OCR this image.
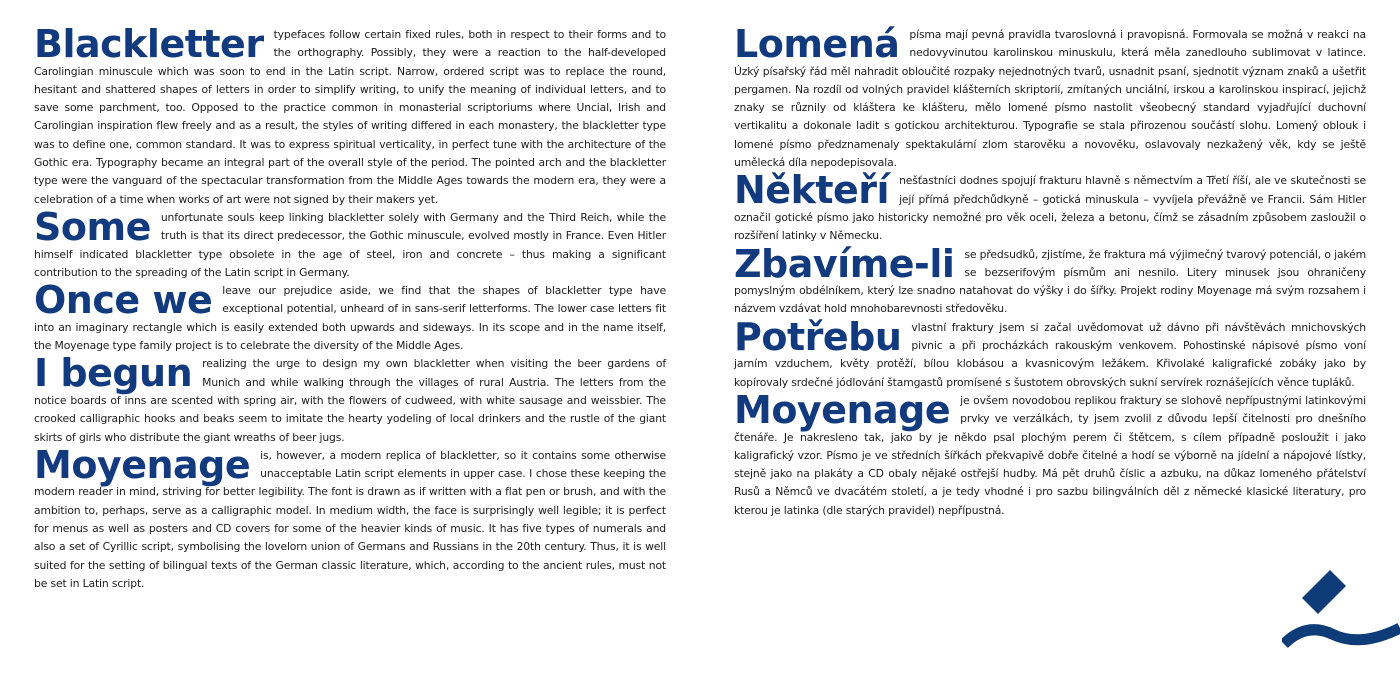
Blackletter typefaces follow certain fixed rules, both in respect to their forms and to the orthography. Possibly, they were a reaction to the half-developed Carolingian minuscule which was soon to end in the Latin script. Narrow, ordered script was to replace the round, hesitant and shattered shapes of letters in order to simplify writing, to unify the meaning of individual letters, and to save some parchment, too. Opposed to the practice common in monasterial scriptoriums where Uncial, Irish and Carolingian inspiration flew freely and as a result, the styles of writing differed in each monastery, the blackletter type was to define one, common standard. It was to express spiritual verticality, in perfect tune with the architecture of the Gothic era. Typography became an integral part of the overall style of the period. The pointed arch and the blackletter type were the vanguard of the spectacular transformation from the Middle Ages towards the modern era, they were a celebration of a time when works of art were not signed by their makers yet.

Some unfortunate souls keep linking blackletter solely with Germany and the Third Reich, while the truth is that its direct predecessor, the Gothic minuscule, evolved mostly in France. Even Hitler himself indicated blackletter type obsolete in the age of steel, iron and concrete – thus making a significant contribution to the spreading of the Latin script in Germany.

Once we leave our prejudice aside, we find that the shapes of blackletter type have exceptional potential, unheard of in sans-serif letterforms. The lower case letters fit into an imaginary rectangle which is easily extended both upwards and sideways. In its scope and in the name itself, the Moyenage type family project is to celebrate the diversity of the Middle Ages.

I begun realizing the urge to design my own blackletter when visiting the beer gardens of Munich and while walking through the villages of rural Austria. The letters from the notice boards of inns are scented with spring air, with the flowers of cudweed, with white sausage and weissbier. The crooked calligraphic hooks and beaks seem to imitate the hearty yodeling of local drinkers and the rustle of the giant skirts of girls who distribute the giant wreaths of beer jugs.

Moyenage is, however, a modern replica of blackletter, so it contains some otherwise unacceptable Latin script elements in upper case. I chose these keeping the modern reader in mind, striving for better legibility. The font is drawn as if written with a flat pen or brush, and with the ambition to, perhaps, serve as a calligraphic model. In medium width, the face is surprisingly well legible; it is perfect for menus as well as posters and CD covers for some of the heavier kinds of music. It has five types of numerals and also a set of Cyrillic script, symbolising the lovelorn union of Germans and Russians in the 20th century. Thus, it is well suited for the setting of bilingual texts of the German classic literature, which, according to the ancient rules, must not be set in Latin script.

Lomená písma mají pevná pravidla tvaroslovná i pravopisná. Formovala se možná v reakci na nedovyvinutou karolinskou minuskulu, která měla zanedlouho sublimovat v latince. Úzký písařský řád měl nahradit obloučité rozpaky nejednotných tvarů, usnadnit psaní, sjednotit význam znaků a ušetřit pergamen. Na rozdíl od volných pravidel klášterních skriptorií, zmítaných unciální, irskou a karolinskou inspirací, jejichž znaky se různily od kláštera ke klášteru, mělo lomené písmo nastolit všeobecný standard vyjadřující duchovní vertikalitu a dokonale ladit s gotickou architekturou. Typografie se stala přirozenou součástí slohu. Lomený oblouk i lomené písmo předznamenaly spektakulární zlom starověku a novověku, oslavovaly nezkažený věk, kdy se ještě umělecká díla nepodepisovala.

Někteří nešťastníci dodnes spojují frakturu hlavně s němectvím a Třetí říší, ale ve skutečnosti se její přímá předchůdkyně – gotická minuskula – vyvíjela převážně ve Francii. Sám Hitler označil gotické písmo jako historicky nemožné pro věk oceli, železa a betonu, čímž se zásadním způsobem zasloužil o rozšíření latinky v Německu.

Zbavíme-li se předsudků, zjistíme, že fraktura má výjimečný tvarový potenciál, o jakém se bezserifovým písmům ani nesnilo. Litery minusek jsou ohraničeny pomyslným obdélníkem, který lze snadno natahovat do výšky i do šířky. Projekt rodiny Moyenage má svým rozsahem i názvem vzdávat hold mnohobarevnosti středověku.

Potřebu vlastní fraktury jsem si začal uvědomovat už dávno při návštěvách mnichovských pivnic a při procházkách rakouským venkovem. Pohostinské nápisové písmo voní jarním vzduchem, květy protěží, bílou klobásou a kvasnicovým ležákem. Křivolaké kaligrafické zobáky jako by kopírovaly srdečné jódlování štamgastů promísené s šustotem obrovských sukní servírek roznášejících věnce tupláků.

Moyenage je ovšem novodobou replikou fraktury se slohově nepřípustnými latinkovými prvky ve verzálkách, ty jsem zvolil z důvodu lepší čitelnosti pro dnešního čtenáře. Je nakresleno tak, jako by je někdo psal plochým perem či štětcem, s cílem případně posloužit i jako kaligrafický vzor. Písmo je ve středních šířkách překvapivě dobře čitelné a hodí se výborně na jídelní a nápojové lístky, stejně jako na plakáty a CD obaly nějaké ostřejší hudby. Má pět druhů číslic a azbuku, na důkaz lomeného přátelství Rusů a Němců ve dvacátém století, a je tedy vhodné i pro sazbu bilingválních děl z německé klasické literatury, pro kterou je latinka (dle starých pravidel) nepřípustná.
